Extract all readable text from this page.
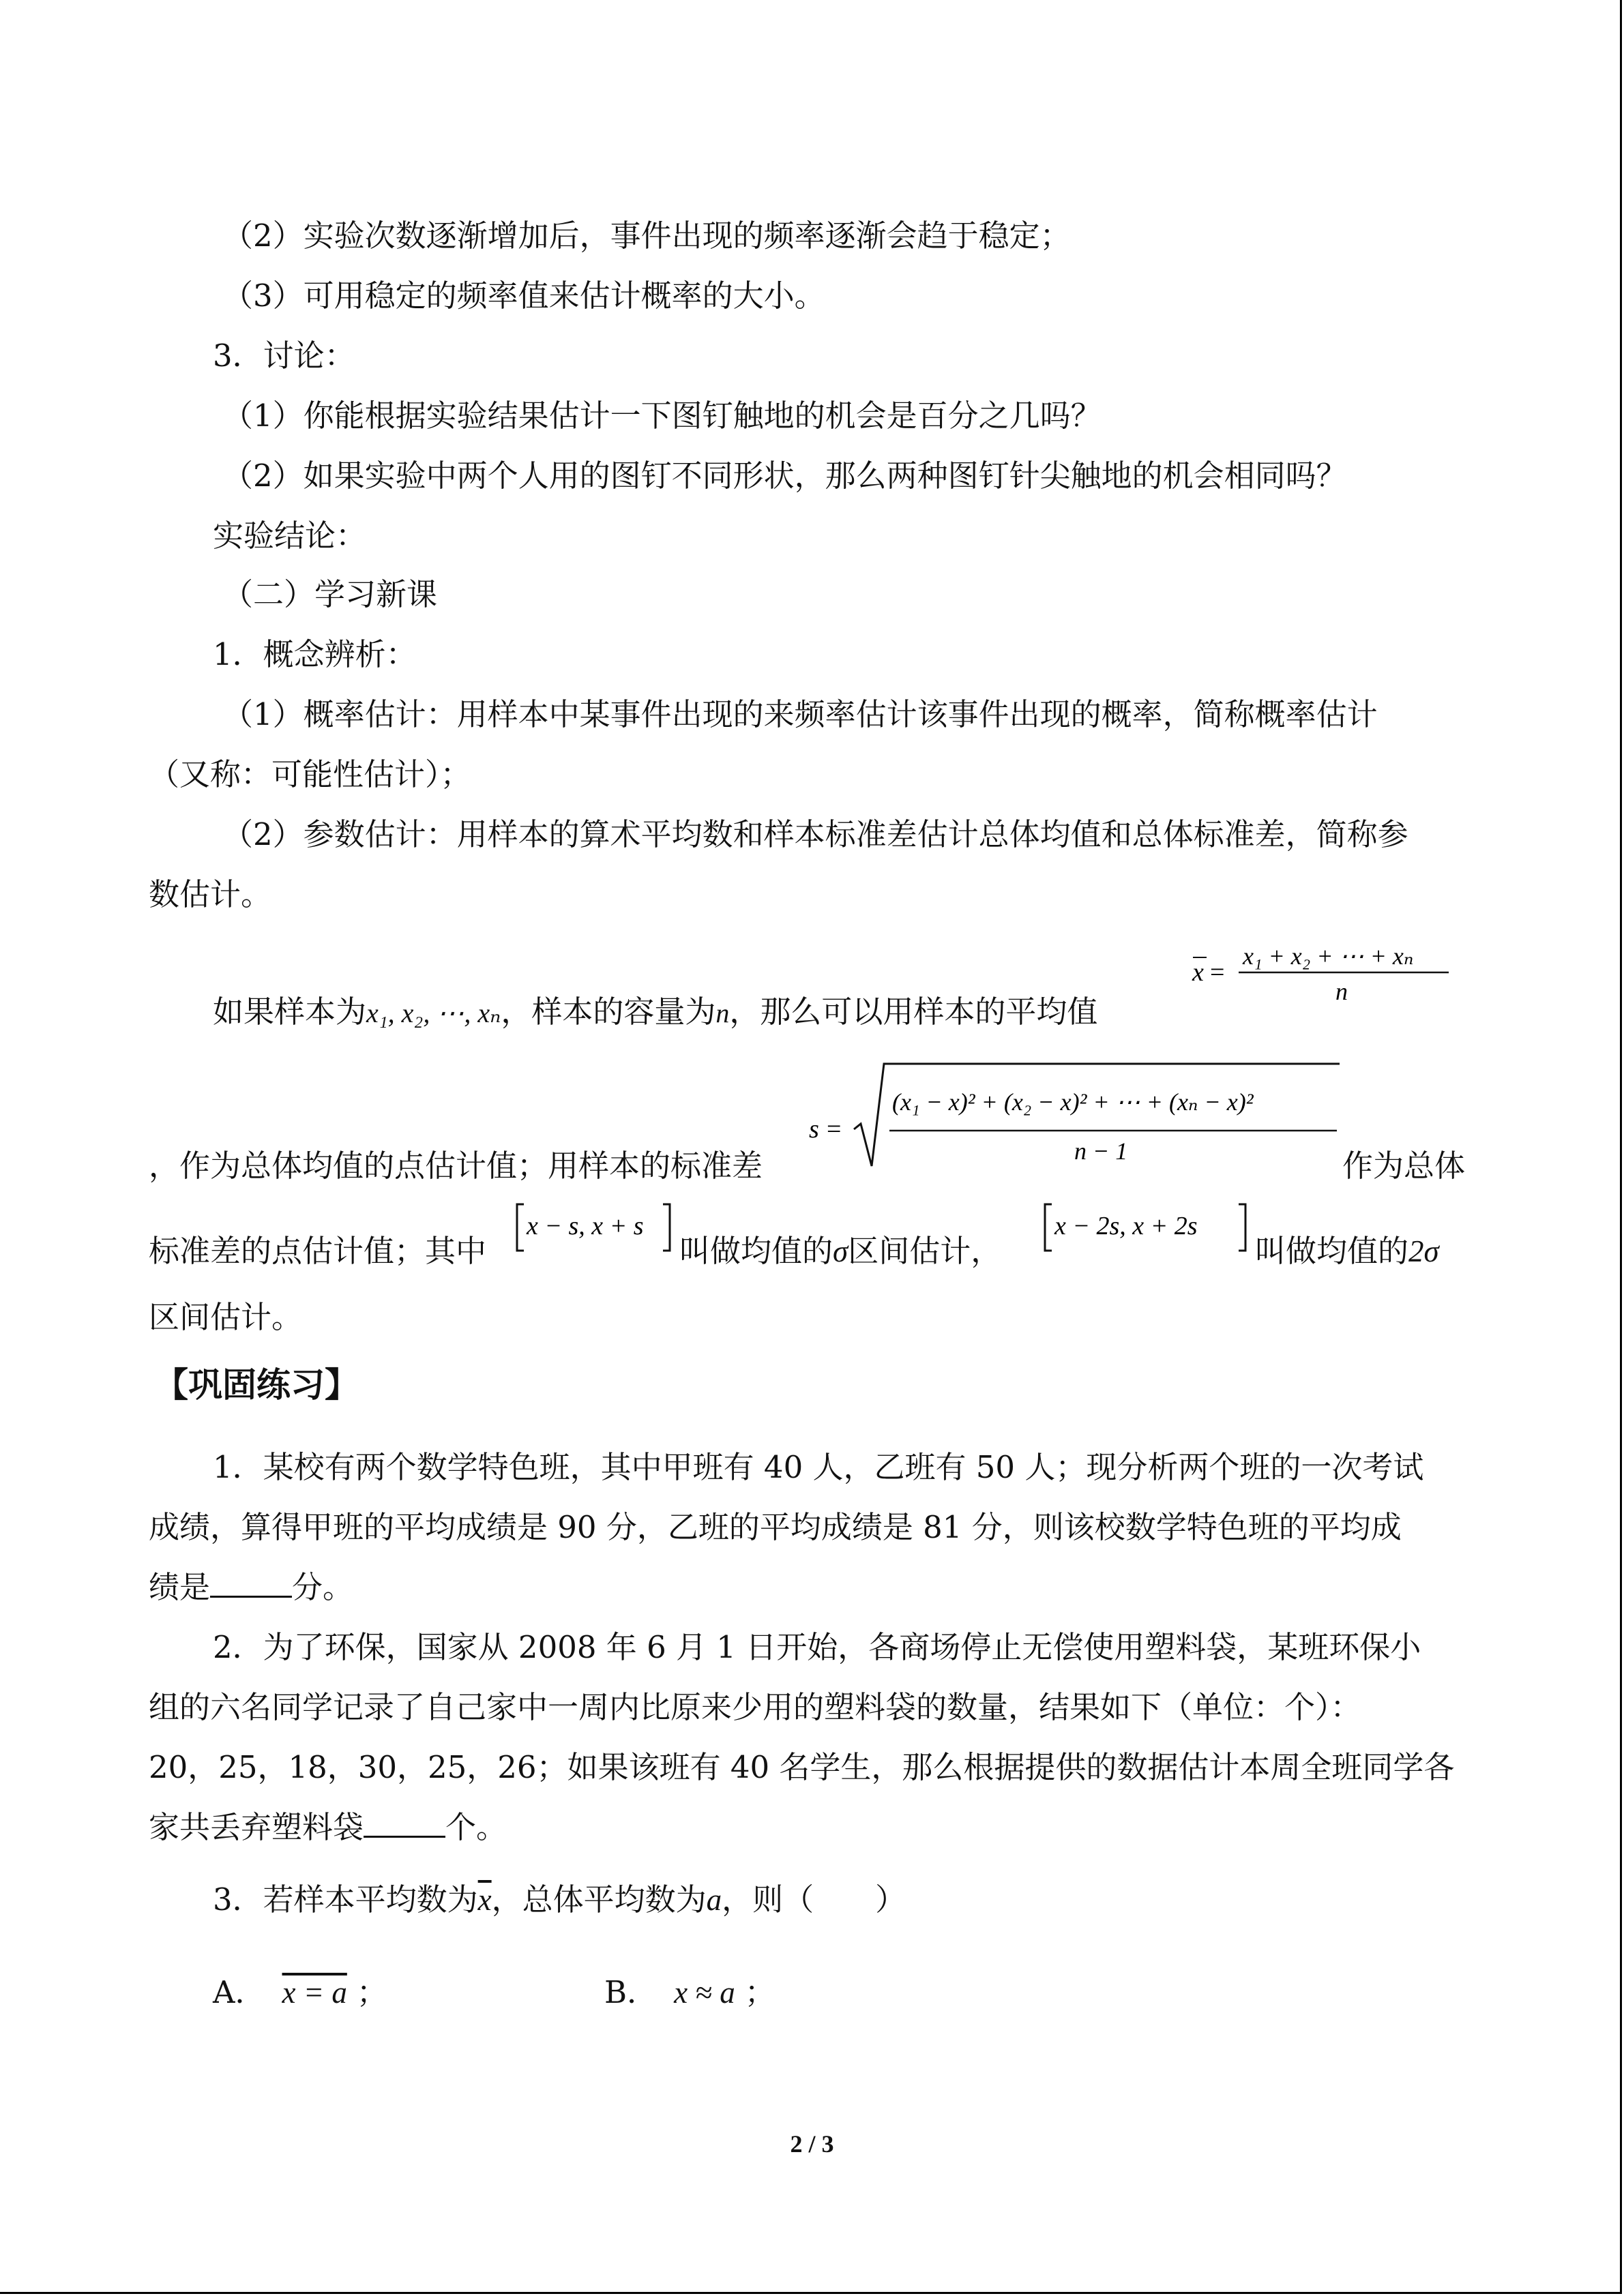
（2）实验次数逐渐增加后，事件出现的频率逐渐会趋于稳定；
（3）可用稳定的频率值来估计概率的大小。
3．讨论：
（1）你能根据实验结果估计一下图钉触地的机会是百分之几吗？
（2）如果实验中两个人用的图钉不同形状，那么两种图钉针尖触地的机会相同吗？
实验结论：
（二）学习新课
1．概念辨析：
（1）概率估计：用样本中某事件出现的来频率估计该事件出现的概率，简称概率估计
（又称：可能性估计）；
（2）参数估计：用样本的算术平均数和样本标准差估计总体均值和总体标准差，简称参
数估计。
x =
x₁ + x₂ + ⋯ + xₙ
n
如果样本为x₁, x₂, ⋯, xₙ，样本的容量为n，那么可以用样本的平均值
s =
(x₁ − x)² + (x₂ − x)² + ⋯ + (xₙ − x)²
n − 1
，作为总体均值的点估计值；用样本的标准差	作为总体
x − s, x + s	x − 2s, x + 2s
标准差的点估计值；其中	叫做均值的σ区间估计，	叫做均值的2σ
区间估计。
【巩固练习】
1．某校有两个数学特色班，其中甲班有 40 人，乙班有 50 人；现分析两个班的一次考试
成绩，算得甲班的平均成绩是 90 分，乙班的平均成绩是 81 分，则该校数学特色班的平均成
绩是	分。
2．为了环保，国家从 2008 年 6 月 1 日开始，各商场停止无偿使用塑料袋，某班环保小
组的六名同学记录了自己家中一周内比原来少用的塑料袋的数量，结果如下（单位：个）：
20，25，18，30，25，26；如果该班有 40 名学生，那么根据提供的数据估计本周全班同学各
家共丢弃塑料袋	个。
3．若样本平均数为$\overline{x}$，总体平均数为a，则（　　）
A． x = a ；	B． x ≈ a ；
2 / 3
